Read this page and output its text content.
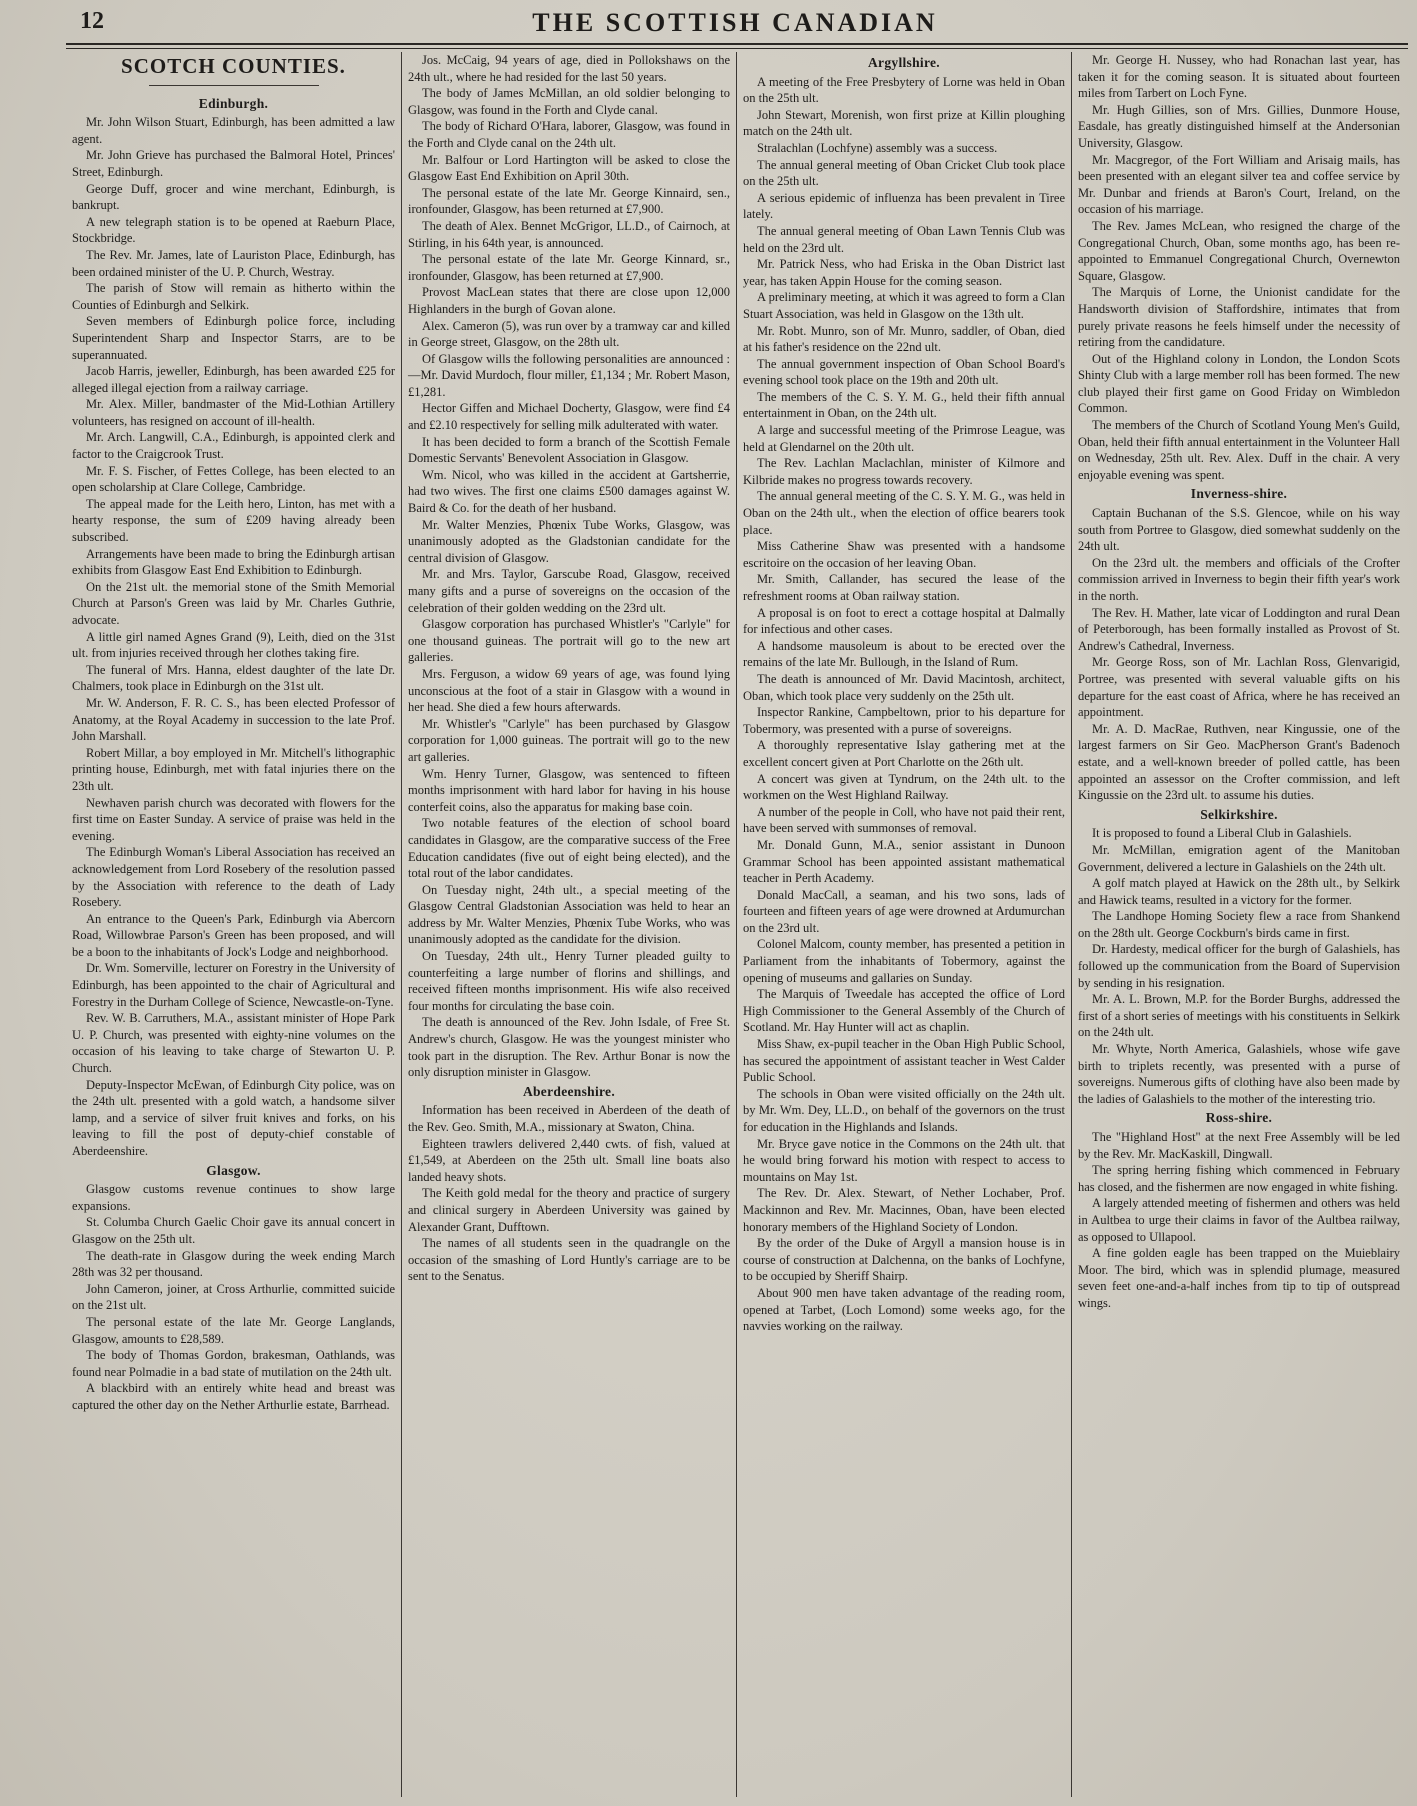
12	THE SCOTTISH CANADIAN
SCOTCH COUNTIES.
Edinburgh.

Mr. John Wilson Stuart, Edinburgh, has been admitted a law agent.

Mr. John Grieve has purchased the Balmoral Hotel, Princes' Street, Edinburgh.

George Duff, grocer and wine merchant, Edinburgh, is bankrupt.

A new telegraph station is to be opened at Raeburn Place, Stockbridge.

The Rev. Mr. James, late of Lauriston Place, Edinburgh, has been ordained minister of the U. P. Church, Westray.

The parish of Stow will remain as hitherto within the Counties of Edinburgh and Selkirk.

Seven members of Edinburgh police force, including Superintendent Sharp and Inspector Starrs, are to be superannuated.

Jacob Harris, jeweller, Edinburgh, has been awarded £25 for alleged illegal ejection from a railway carriage.

Mr. Alex. Miller, bandmaster of the Mid-Lothian Artillery volunteers, has resigned on account of ill-health.

Mr. Arch. Langwill, C.A., Edinburgh, is appointed clerk and factor to the Craigcrook Trust.

Mr. F. S. Fischer, of Fettes College, has been elected to an open scholarship at Clare College, Cambridge.

The appeal made for the Leith hero, Linton, has met with a hearty response, the sum of £209 having already been subscribed.

Arrangements have been made to bring the Edinburgh artisan exhibits from Glasgow East End Exhibition to Edinburgh.

On the 21st ult. the memorial stone of the Smith Memorial Church at Parson's Green was laid by Mr. Charles Guthrie, advocate.

A little girl named Agnes Grand (9), Leith, died on the 31st ult. from injuries received through her clothes taking fire.

The funeral of Mrs. Hanna, eldest daughter of the late Dr. Chalmers, took place in Edinburgh on the 31st ult.

Mr. W. Anderson, F. R. C. S., has been elected Professor of Anatomy, at the Royal Academy in succession to the late Prof. John Marshall.

Robert Millar, a boy employed in Mr. Mitchell's lithographic printing house, Edinburgh, met with fatal injuries there on the 23th ult.

Newhaven parish church was decorated with flowers for the first time on Easter Sunday. A service of praise was held in the evening.

The Edinburgh Woman's Liberal Association has received an acknowledgement from Lord Rosebery of the resolution passed by the Association with reference to the death of Lady Rosebery.

An entrance to the Queen's Park, Edinburgh via Abercorn Road, Willowbrae Parson's Green has been proposed, and will be a boon to the inhabitants of Jock's Lodge and neighborhood.

Dr. Wm. Somerville, lecturer on Forestry in the University of Edinburgh, has been appointed to the chair of Agricultural and Forestry in the Durham College of Science, Newcastle-on-Tyne.

Rev. W. B. Carruthers, M.A., assistant minister of Hope Park U. P. Church, was presented with eighty-nine volumes on the occasion of his leaving to take charge of Stewarton U. P. Church.

Deputy-Inspector McEwan, of Edinburgh City police, was on the 24th ult. presented with a gold watch, a handsome silver lamp, and a service of silver fruit knives and forks, on his leaving to fill the post of deputy-chief constable of Aberdeenshire.

Glasgow.

Glasgow customs revenue continues to show large expansions.

St. Columba Church Gaelic Choir gave its annual concert in Glasgow on the 25th ult.

The death-rate in Glasgow during the week ending March 28th was 32 per thousand.

John Cameron, joiner, at Cross Arthurlie, committed suicide on the 21st ult.

The personal estate of the late Mr. George Langlands, Glasgow, amounts to £28,589.

The body of Thomas Gordon, brakesman, Oathlands, was found near Polmadie in a bad state of mutilation on the 24th ult.

A blackbird with an entirely white head and breast was captured the other day on the Nether Arthurlie estate, Barrhead.

Jos. McCaig, 94 years of age, died in Pollokshaws on the 24th ult., where he had resided for the last 50 years.

The body of James McMillan, an old soldier belonging to Glasgow, was found in the Forth and Clyde canal.

The body of Richard O'Hara, laborer, Glasgow, was found in the Forth and Clyde canal on the 24th ult.

Mr. Balfour or Lord Hartington will be asked to close the Glasgow East End Exhibition on April 30th.

The personal estate of the late Mr. George Kinnaird, sen., ironfounder, Glasgow, has been returned at £7,900.

The death of Alex. Bennet McGrigor, LL.D., of Cairnoch, at Stirling, in his 64th year, is announced.

The personal estate of the late Mr. George Kinnard, sr., ironfounder, Glasgow, has been returned at £7,900.

Provost MacLean states that there are close upon 12,000 Highlanders in the burgh of Govan alone.

Alex. Cameron (5), was run over by a tramway car and killed in George street, Glasgow, on the 28th ult.

Of Glasgow wills the following personalities are announced :—Mr. David Murdoch, flour miller, £1,134 ; Mr. Robert Mason, £1,281.

Hector Giffen and Michael Docherty, Glasgow, were find £4 and £2.10 respectively for selling milk adulterated with water.

It has been decided to form a branch of the Scottish Female Domestic Servants' Benevolent Association in Glasgow.

Wm. Nicol, who was killed in the accident at Gartsherrie, had two wives. The first one claims £500 damages against W. Baird & Co. for the death of her husband.

Mr. Walter Menzies, Phœnix Tube Works, Glasgow, was unanimously adopted as the Gladstonian candidate for the central division of Glasgow.

Mr. and Mrs. Taylor, Garscube Road, Glasgow, received many gifts and a purse of sovereigns on the occasion of the celebration of their golden wedding on the 23rd ult.

Glasgow corporation has purchased Whistler's "Carlyle" for one thousand guineas. The portrait will go to the new art galleries.

Mrs. Ferguson, a widow 69 years of age, was found lying unconscious at the foot of a stair in Glasgow with a wound in her head. She died a few hours afterwards.

Mr. Whistler's "Carlyle" has been purchased by Glasgow corporation for 1,000 guineas. The portrait will go to the new art galleries.

Wm. Henry Turner, Glasgow, was sentenced to fifteen months imprisonment with hard labor for having in his house conterfeit coins, also the apparatus for making base coin.

Two notable features of the election of school board candidates in Glasgow, are the comparative success of the Free Education candidates (five out of eight being elected), and the total rout of the labor candidates.

On Tuesday night, 24th ult., a special meeting of the Glasgow Central Gladstonian Association was held to hear an address by Mr. Walter Menzies, Phœnix Tube Works, who was unanimously adopted as the candidate for the division.

On Tuesday, 24th ult., Henry Turner pleaded guilty to counterfeiting a large number of florins and shillings, and received fifteen months imprisonment. His wife also received four months for circulating the base coin.

The death is announced of the Rev. John Isdale, of Free St. Andrew's church, Glasgow. He was the youngest minister who took part in the disruption. The Rev. Arthur Bonar is now the only disruption minister in Glasgow.

Aberdeenshire.

Information has been received in Aberdeen of the death of the Rev. Geo. Smith, M.A., missionary at Swaton, China.

Eighteen trawlers delivered 2,440 cwts. of fish, valued at £1,549, at Aberdeen on the 25th ult. Small line boats also landed heavy shots.

The Keith gold medal for the theory and practice of surgery and clinical surgery in Aberdeen University was gained by Alexander Grant, Dufftown.

The names of all students seen in the quadrangle on the occasion of the smashing of Lord Huntly's carriage are to be sent to the Senatus.

Argyllshire.

A meeting of the Free Presbytery of Lorne was held in Oban on the 25th ult.

John Stewart, Morenish, won first prize at Killin ploughing match on the 24th ult.

Stralachlan (Lochfyne) assembly was a success.

The annual general meeting of Oban Cricket Club took place on the 25th ult.

A serious epidemic of influenza has been prevalent in Tiree lately.

The annual general meeting of Oban Lawn Tennis Club was held on the 23rd ult.

Mr. Patrick Ness, who had Eriska in the Oban District last year, has taken Appin House for the coming season.

A preliminary meeting, at which it was agreed to form a Clan Stuart Association, was held in Glasgow on the 13th ult.

Mr. Robt. Munro, son of Mr. Munro, saddler, of Oban, died at his father's residence on the 22nd ult.

The annual government inspection of Oban School Board's evening school took place on the 19th and 20th ult.

The members of the C. S. Y. M. G., held their fifth annual entertainment in Oban, on the 24th ult.

A large and successful meeting of the Primrose League, was held at Glendarnel on the 20th ult.

The Rev. Lachlan Maclachlan, minister of Kilmore and Kilbride makes no progress towards recovery.

The annual general meeting of the C. S. Y. M. G., was held in Oban on the 24th ult., when the election of office bearers took place.

Miss Catherine Shaw was presented with a handsome escritoire on the occasion of her leaving Oban.

Mr. Smith, Callander, has secured the lease of the refreshment rooms at Oban railway station.

A proposal is on foot to erect a cottage hospital at Dalmally for infectious and other cases.

A handsome mausoleum is about to be erected over the remains of the late Mr. Bullough, in the Island of Rum.

The death is announced of Mr. David Macintosh, architect, Oban, which took place very suddenly on the 25th ult.

Inspector Rankine, Campbeltown, prior to his departure for Tobermory, was presented with a purse of sovereigns.

A thoroughly representative Islay gathering met at the excellent concert given at Port Charlotte on the 26th ult.

A concert was given at Tyndrum, on the 24th ult. to the workmen on the West Highland Railway.

A number of the people in Coll, who have not paid their rent, have been served with summonses of removal.

Mr. Donald Gunn, M.A., senior assistant in Dunoon Grammar School has been appointed assistant mathematical teacher in Perth Academy.

Donald MacCall, a seaman, and his two sons, lads of fourteen and fifteen years of age were drowned at Ardumurchan on the 23rd ult.

Colonel Malcom, county member, has presented a petition in Parliament from the inhabitants of Tobermory, against the opening of museums and gallaries on Sunday.

The Marquis of Tweedale has accepted the office of Lord High Commissioner to the General Assembly of the Church of Scotland. Mr. Hay Hunter will act as chaplin.

Miss Shaw, ex-pupil teacher in the Oban High Public School, has secured the appointment of assistant teacher in West Calder Public School.

The schools in Oban were visited officially on the 24th ult. by Mr. Wm. Dey, LL.D., on behalf of the governors on the trust for education in the Highlands and Islands.

Mr. Bryce gave notice in the Commons on the 24th ult. that he would bring forward his motion with respect to access to mountains on May 1st.

The Rev. Dr. Alex. Stewart, of Nether Lochaber, Prof. Mackinnon and Rev. Mr. Macinnes, Oban, have been elected honorary members of the Highland Society of London.

By the order of the Duke of Argyll a mansion house is in course of construction at Dalchenna, on the banks of Lochfyne, to be occupied by Sheriff Shairp.

About 900 men have taken advantage of the reading room, opened at Tarbet, (Loch Lomond) some weeks ago, for the navvies working on the railway.

Mr. George H. Nussey, who had Ronachan last year, has taken it for the coming season. It is situated about fourteen miles from Tarbert on Loch Fyne.

Mr. Hugh Gillies, son of Mrs. Gillies, Dunmore House, Easdale, has greatly distinguished himself at the Andersonian University, Glasgow.

Mr. Macgregor, of the Fort William and Arisaig mails, has been presented with an elegant silver tea and coffee service by Mr. Dunbar and friends at Baron's Court, Ireland, on the occasion of his marriage.

The Rev. James McLean, who resigned the charge of the Congregational Church, Oban, some months ago, has been re-appointed to Emmanuel Congregational Church, Overnewton Square, Glasgow.

The Marquis of Lorne, the Unionist candidate for the Handsworth division of Staffordshire, intimates that from purely private reasons he feels himself under the necessity of retiring from the candidature.

Out of the Highland colony in London, the London Scots Shinty Club with a large member roll has been formed. The new club played their first game on Good Friday on Wimbledon Common.

The members of the Church of Scotland Young Men's Guild, Oban, held their fifth annual entertainment in the Volunteer Hall on Wednesday, 25th ult. Rev. Alex. Duff in the chair. A very enjoyable evening was spent.

Inverness-shire.

Captain Buchanan of the S.S. Glencoe, while on his way south from Portree to Glasgow, died somewhat suddenly on the 24th ult.

On the 23rd ult. the members and officials of the Crofter commission arrived in Inverness to begin their fifth year's work in the north.

The Rev. H. Mather, late vicar of Loddington and rural Dean of Peterborough, has been formally installed as Provost of St. Andrew's Cathedral, Inverness.

Mr. George Ross, son of Mr. Lachlan Ross, Glenvarigid, Portree, was presented with several valuable gifts on his departure for the east coast of Africa, where he has received an appointment.

Mr. A. D. MacRae, Ruthven, near Kingussie, one of the largest farmers on Sir Geo. MacPherson Grant's Badenoch estate, and a well-known breeder of polled cattle, has been appointed an assessor on the Crofter commission, and left Kingussie on the 23rd ult. to assume his duties.

Selkirkshire.

It is proposed to found a Liberal Club in Galashiels.

Mr. McMillan, emigration agent of the Manitoban Government, delivered a lecture in Galashiels on the 24th ult.

A golf match played at Hawick on the 28th ult., by Selkirk and Hawick teams, resulted in a victory for the former.

The Landhope Homing Society flew a race from Shankend on the 28th ult. George Cockburn's birds came in first.

Dr. Hardesty, medical officer for the burgh of Galashiels, has followed up the communication from the Board of Supervision by sending in his resignation.

Mr. A. L. Brown, M.P. for the Border Burghs, addressed the first of a short series of meetings with his constituents in Selkirk on the 24th ult.

Mr. Whyte, North America, Galashiels, whose wife gave birth to triplets recently, was presented with a purse of sovereigns. Numerous gifts of clothing have also been made by the ladies of Galashiels to the mother of the interesting trio.

Ross-shire.

The "Highland Host" at the next Free Assembly will be led by the Rev. Mr. MacKaskill, Dingwall.

The spring herring fishing which commenced in February has closed, and the fishermen are now engaged in white fishing.

A largely attended meeting of fishermen and others was held in Aultbea to urge their claims in favor of the Aultbea railway, as opposed to Ullapool.

A fine golden eagle has been trapped on the Muieblairy Moor. The bird, which was in splendid plumage, measured seven feet one-and-a-half inches from tip to tip of outspread wings.
